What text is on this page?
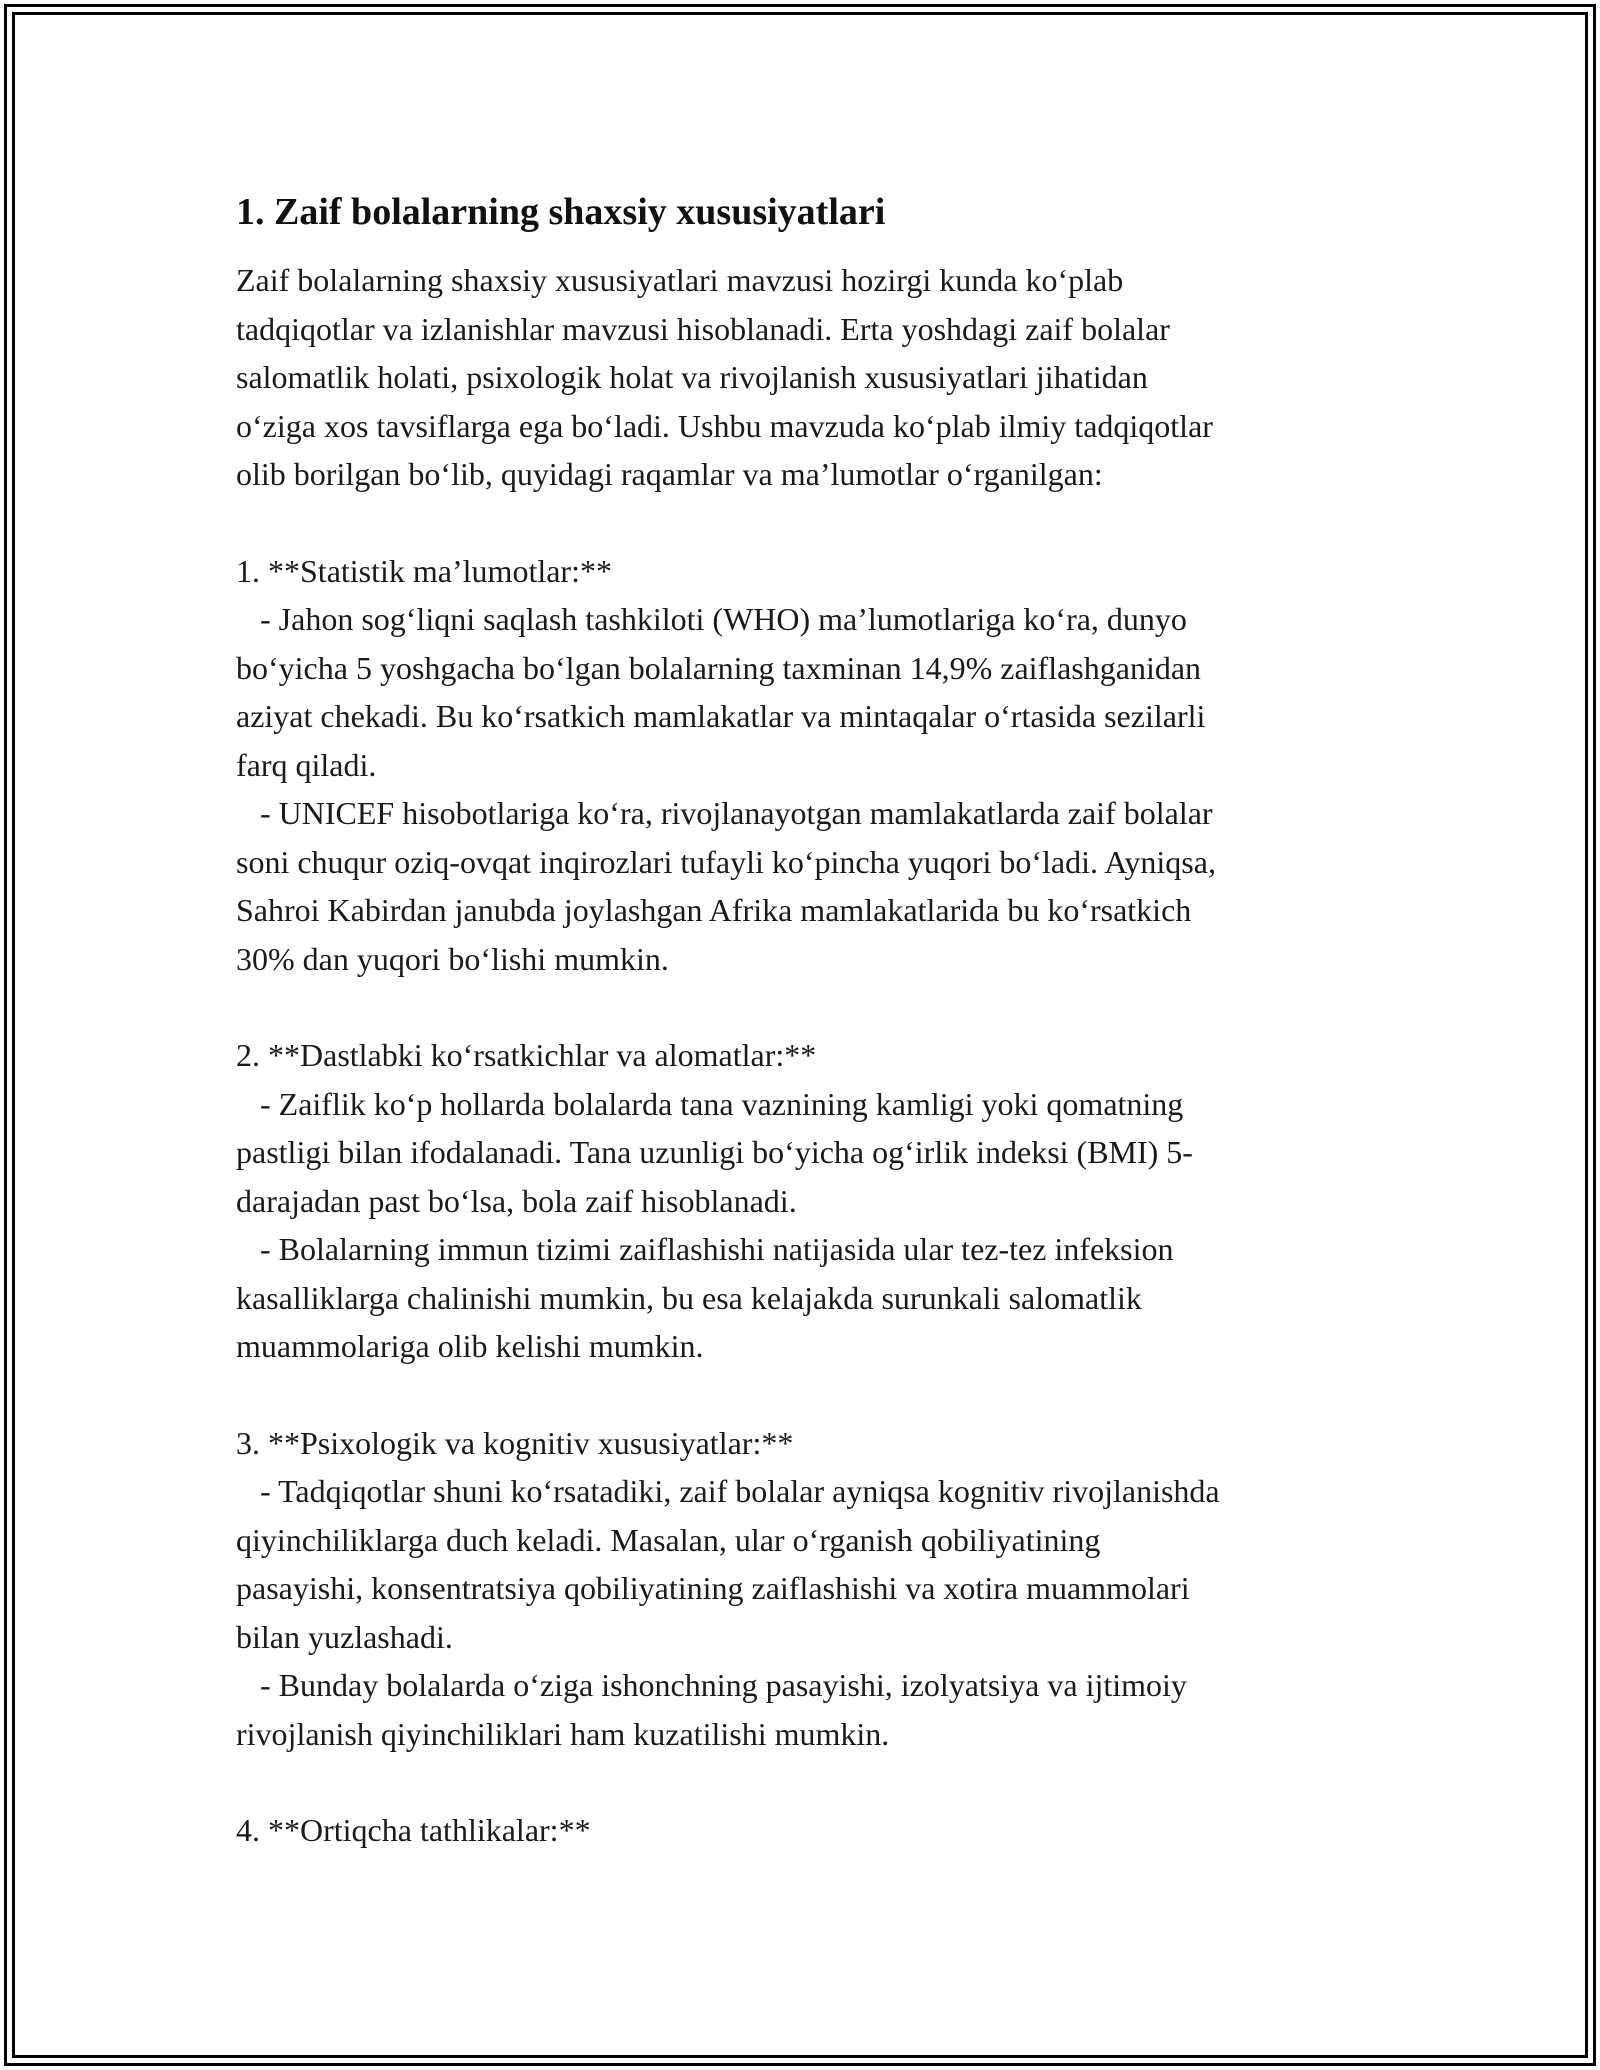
1. Zaif bolalarning shaxsiy xususiyatlari
Zaif bolalarning shaxsiy xususiyatlari mavzusi hozirgi kunda koʻplab
tadqiqotlar va izlanishlar mavzusi hisoblanadi. Erta yoshdagi zaif bolalar
salomatlik holati, psixologik holat va rivojlanish xususiyatlari jihatidan
oʻziga xos tavsiflarga ega boʻladi. Ushbu mavzuda koʻplab ilmiy tadqiqotlar
olib borilgan boʻlib, quyidagi raqamlar va maʼlumotlar oʻrganilgan:
1. **Statistik maʼlumotlar:**
- Jahon sogʻliqni saqlash tashkiloti (WHO) maʼlumotlariga koʻra, dunyo
boʻyicha 5 yoshgacha boʻlgan bolalarning taxminan 14,9% zaiflashganidan
aziyat chekadi. Bu koʻrsatkich mamlakatlar va mintaqalar oʻrtasida sezilarli
farq qiladi.
- UNICEF hisobotlariga koʻra, rivojlanayotgan mamlakatlarda zaif bolalar
soni chuqur oziq-ovqat inqirozlari tufayli koʻpincha yuqori boʻladi. Ayniqsa,
Sahroi Kabirdan janubda joylashgan Afrika mamlakatlarida bu koʻrsatkich
30% dan yuqori boʻlishi mumkin.
2. **Dastlabki koʻrsatkichlar va alomatlar:**
- Zaiflik koʻp hollarda bolalarda tana vaznining kamligi yoki qomatning
pastligi bilan ifodalanadi. Tana uzunligi boʻyicha ogʻirlik indeksi (BMI) 5-
darajadan past boʻlsa, bola zaif hisoblanadi.
- Bolalarning immun tizimi zaiflashishi natijasida ular tez-tez infeksion
kasalliklarga chalinishi mumkin, bu esa kelajakda surunkali salomatlik
muammolariga olib kelishi mumkin.
3. **Psixologik va kognitiv xususiyatlar:**
- Tadqiqotlar shuni koʻrsatadiki, zaif bolalar ayniqsa kognitiv rivojlanishda
qiyinchiliklarga duch keladi. Masalan, ular oʻrganish qobiliyatining
pasayishi, konsentratsiya qobiliyatining zaiflashishi va xotira muammolari
bilan yuzlashadi.
- Bunday bolalarda oʻziga ishonchning pasayishi, izolyatsiya va ijtimoiy
rivojlanish qiyinchiliklari ham kuzatilishi mumkin.
4. **Ortiqcha tathlikalar:**
